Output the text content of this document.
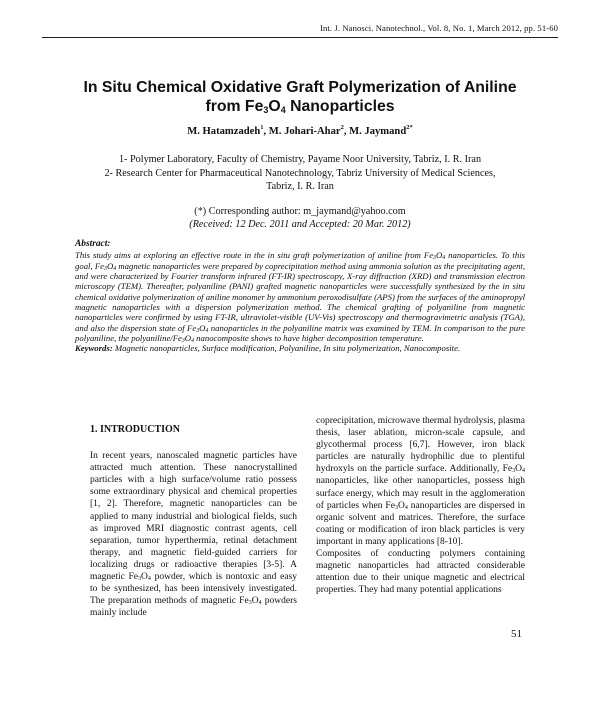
Int. J. Nanosci. Nanotechnol., Vol. 8, No. 1, March 2012, pp. 51-60
In Situ Chemical Oxidative Graft Polymerization of Aniline
from $Fe_3O_4$ Nanoparticles
M. Hatamzadeh$^1$, M. Johari-Ahar$^2$, M. Jaymand$^{2*}$
1- Polymer Laboratory, Faculty of Chemistry, Payame Noor University, Tabriz, I. R. Iran
2- Research Center for Pharmaceutical Nanotechnology, Tabriz University of Medical Sciences, Tabriz, I. R. Iran
(*) Corresponding author: m_jaymand@yahoo.com
(Received: 12 Dec. 2011 and Accepted: 20 Mar. 2012)
Abstract:
This study aims at exploring an effective route in the in situ graft polymerization of aniline from $Fe_3O_4$ nanoparticles. To this goal, $Fe_3O_4$ magnetic nanoparticles were prepared by coprecipitation method using ammonia solution as the precipitating agent, and were characterized by Fourier transform infrared (FT-IR) spectroscopy, X-ray diffraction (XRD) and transmission electron microscopy (TEM). Thereafter, polyaniline (PANI) grafted magnetic nanoparticles were successfully synthesized by the in situ chemical oxidative polymerization of aniline monomer by ammonium peroxodisulfate (APS) from the surfaces of the aminopropyl magnetic nanoparticles with a dispersion polymerization method. The chemical grafting of polyaniline from magnetic nanoparticles were confirmed by using FT-IR, ultraviolet-visible (UV-Vis) spectroscopy and thermogravimetric analysis (TGA), and also the dispersion state of $Fe_3O_4$ nanoparticles in the polyaniline matrix was examined by TEM. In comparison to the pure polyaniline, the polyaniline/$Fe_3O_4$ nanocomposite shows to have higher decomposition temperature.
Keywords: Magnetic nanoparticles, Surface modification, Polyaniline, In situ polymerization, Nanocomposite.
1. INTRODUCTION

In recent years, nanoscaled magnetic particles have attracted much attention. These nanocrystallined particles with a high surface/volume ratio possess some extraordinary physical and chemical properties [1, 2]. Therefore, magnetic nanoparticles can be applied to many industrial and biological fields, such as improved MRI diagnostic contrast agents, cell separation, tumor hyperthermia, retinal detachment therapy, and magnetic field-guided carriers for localizing drugs or radioactive therapies [3-5]. A magnetic $Fe_3O_4$ powder, which is nontoxic and easy to be synthesized, has been intensively investigated. The preparation methods of magnetic $Fe_3O_4$ powders mainly include

coprecipitation, microwave thermal hydrolysis, plasma thesis, laser ablation, micron-scale capsule, and glycothermal process [6,7]. However, iron black particles are naturally hydrophilic due to plentiful hydroxyls on the particle surface. Additionally, $Fe_3O_4$ nanoparticles, like other nanoparticles, possess high surface energy, which may result in the agglomeration of particles when $Fe_3O_4$ nanoparticles are dispersed in organic solvent and matrices. Therefore, the surface coating or modification of iron black particles is very important in many applications [8-10].

Composites of conducting polymers containing magnetic nanoparticles had attracted considerable attention due to their unique magnetic and electrical properties. They had many potential applications

51
